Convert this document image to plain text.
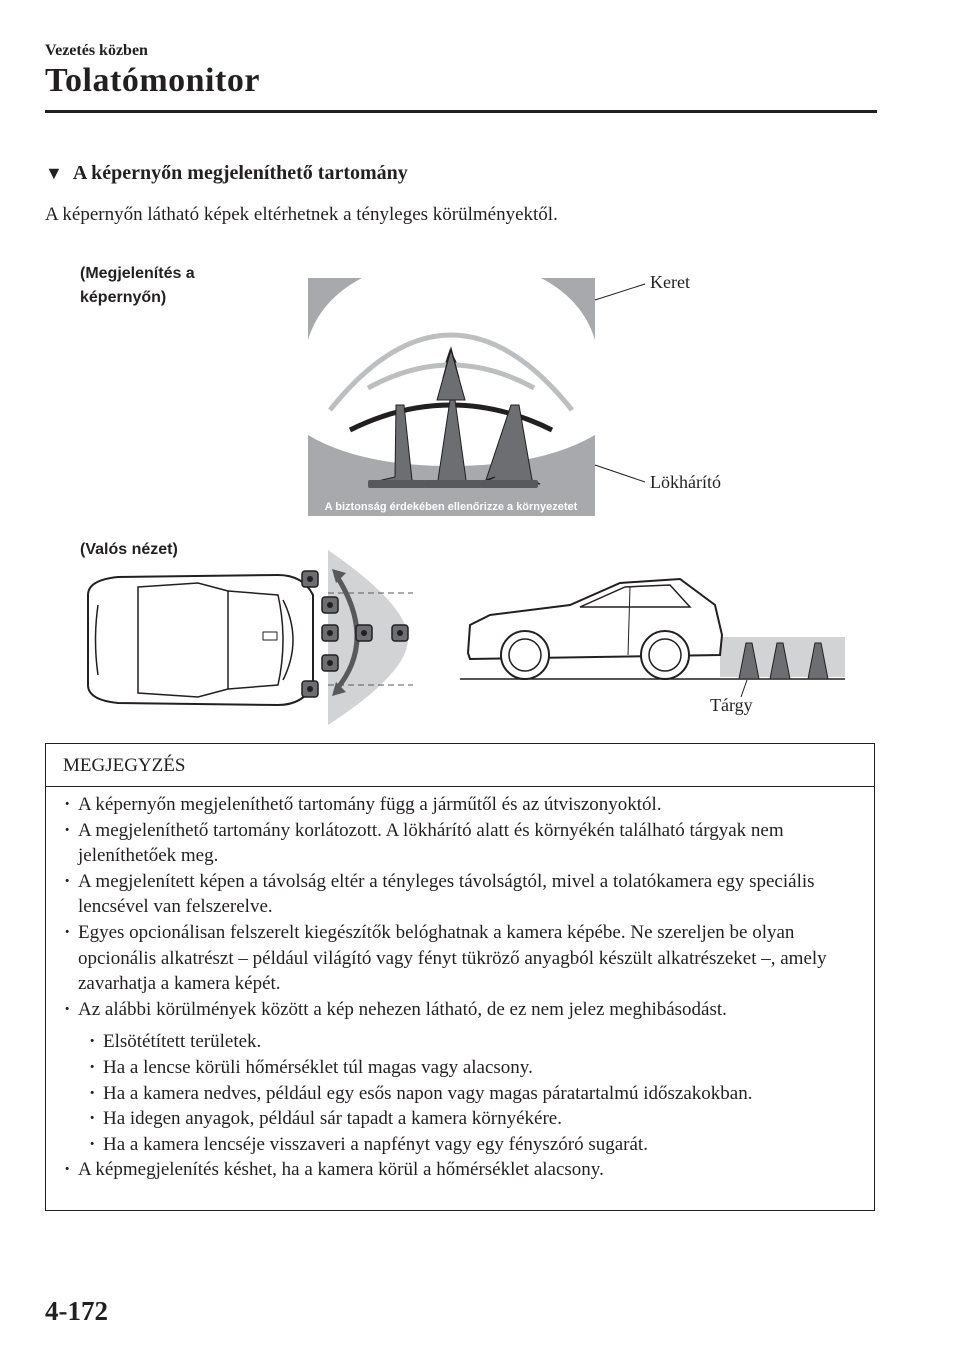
Vezetés közben
Tolatómonitor
▼ A képernyőn megjeleníthető tartomány
A képernyőn látható képek eltérhetnek a tényleges körülményektől.
(Megjelenítés a képernyőn)
A biztonság érdekében ellenőrizze a környezetet
Keret
Lökhárító
(Valós nézet)
Tárgy
MEGJEGYZÉS
· A képernyőn megjeleníthető tartomány függ a járműtől és az útviszonyoktól.
· A megjeleníthető tartomány korlátozott. A lökhárító alatt és környékén található tárgyak nem jeleníthetőek meg.
· A megjelenített képen a távolság eltér a tényleges távolságtól, mivel a tolatókamera egy speciális lencsével van felszerelve.
· Egyes opcionálisan felszerelt kiegészítők belóghatnak a kamera képébe. Ne szereljen be olyan opcionális alkatrészt – például világító vagy fényt tükröző anyagból készült alkatrészeket –, amely zavarhatja a kamera képét.
· Az alábbi körülmények között a kép nehezen látható, de ez nem jelez meghibásodást.
· Elsötétített területek.
· Ha a lencse körüli hőmérséklet túl magas vagy alacsony.
· Ha a kamera nedves, például egy esős napon vagy magas páratartalmú időszakokban.
· Ha idegen anyagok, például sár tapadt a kamera környékére.
· Ha a kamera lencséje visszaveri a napfényt vagy egy fényszóró sugarát.
· A képmegjelenítés késhet, ha a kamera körül a hőmérséklet alacsony.
4-172
